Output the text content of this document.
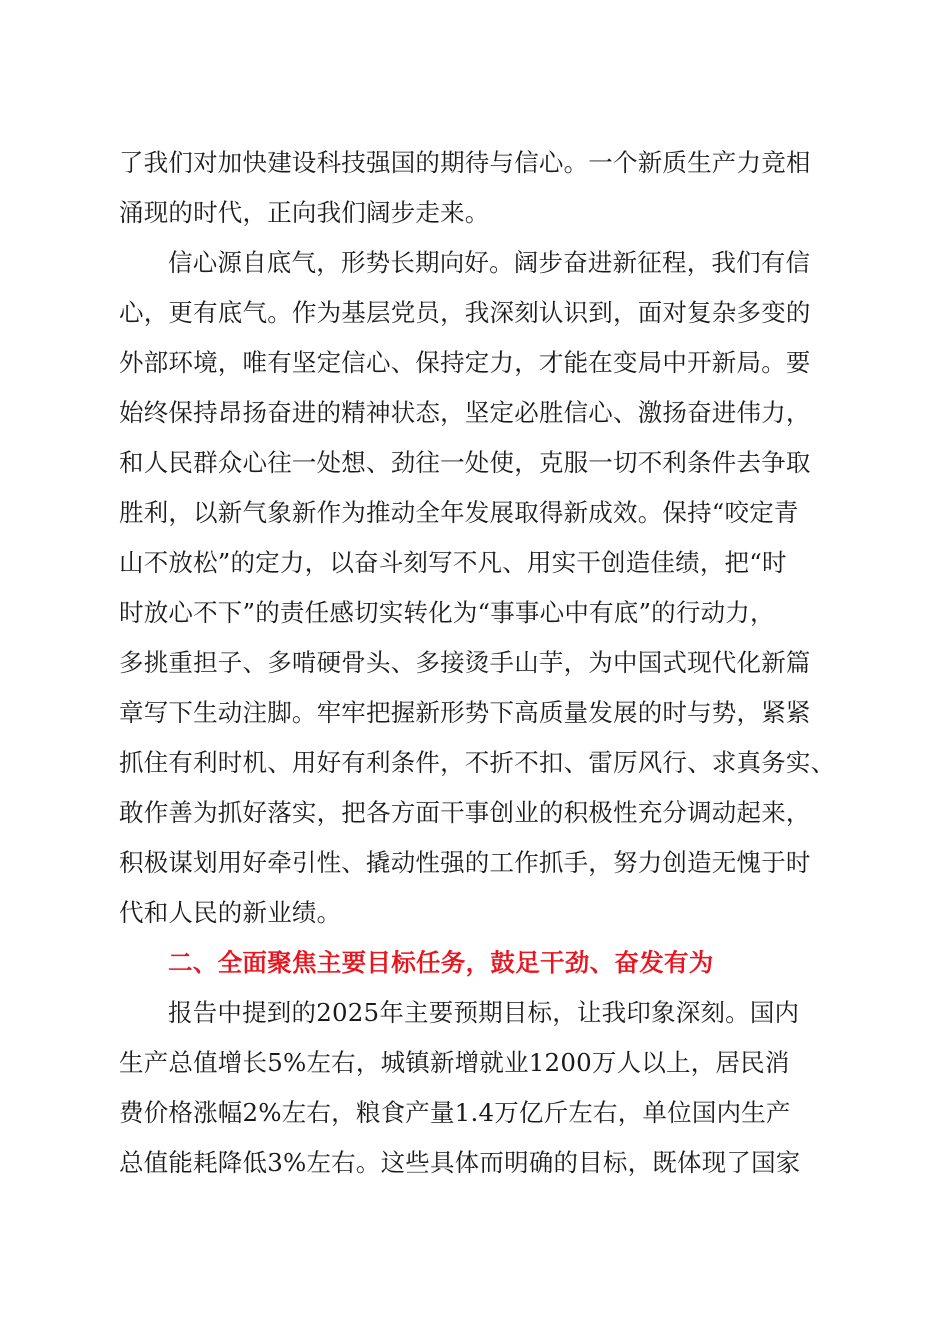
了我们对加快建设科技强国的期待与信心。一个新质生产力竞相
涌现的时代，正向我们阔步走来。
信心源自底气，形势长期向好。阔步奋进新征程，我们有信
心，更有底气。作为基层党员，我深刻认识到，面对复杂多变的
外部环境，唯有坚定信心、保持定力，才能在变局中开新局。要
始终保持昂扬奋进的精神状态，坚定必胜信心、激扬奋进伟力，
和人民群众心往一处想、劲往一处使，克服一切不利条件去争取
胜利，以新气象新作为推动全年发展取得新成效。保持“咬定青
山不放松”的定力，以奋斗刻写不凡、用实干创造佳绩，把“时
时放心不下”的责任感切实转化为“事事心中有底”的行动力，
多挑重担子、多啃硬骨头、多接烫手山芋，为中国式现代化新篇
章写下生动注脚。牢牢把握新形势下高质量发展的时与势，紧紧
抓住有利时机、用好有利条件，不折不扣、雷厉风行、求真务实、
敢作善为抓好落实，把各方面干事创业的积极性充分调动起来，
积极谋划用好牵引性、撬动性强的工作抓手，努力创造无愧于时
代和人民的新业绩。
二、全面聚焦主要目标任务，鼓足干劲、奋发有为
报告中提到的2025年主要预期目标，让我印象深刻。国内
生产总值增长5%左右，城镇新增就业1200万人以上，居民消
费价格涨幅2%左右，粮食产量1.4万亿斤左右，单位国内生产
总值能耗降低3%左右。这些具体而明确的目标，既体现了国家
